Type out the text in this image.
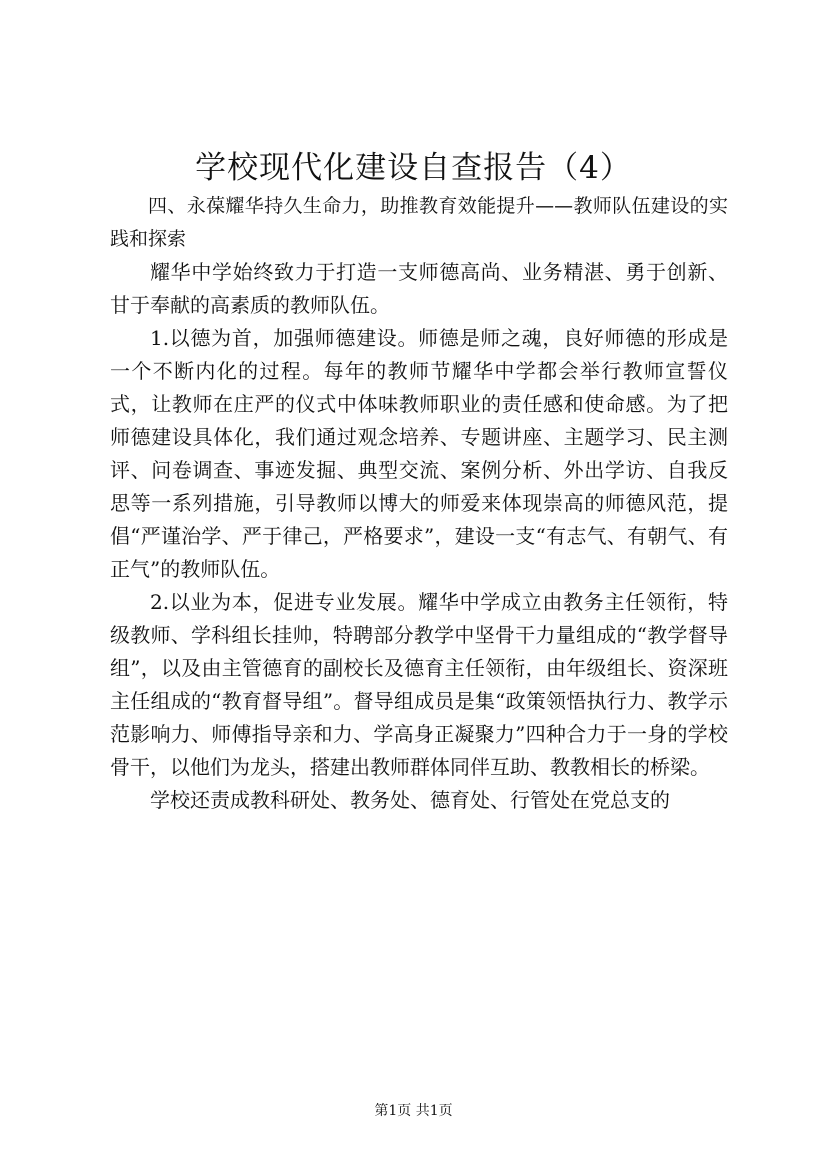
学校现代化建设自查报告（4）

四、永葆耀华持久生命力，助推教育效能提升——教师队伍建设的实践和探索

耀华中学始终致力于打造一支师德高尚、业务精湛、勇于创新、甘于奉献的高素质的教师队伍。

1.以德为首，加强师德建设。师德是师之魂，良好师德的形成是一个不断内化的过程。每年的教师节耀华中学都会举行教师宣誓仪式，让教师在庄严的仪式中体味教师职业的责任感和使命感。为了把师德建设具体化，我们通过观念培养、专题讲座、主题学习、民主测评、问卷调查、事迹发掘、典型交流、案例分析、外出学访、自我反思等一系列措施，引导教师以博大的师爱来体现崇高的师德风范，提倡“严谨治学、严于律己，严格要求”，建设一支“有志气、有朝气、有正气”的教师队伍。

2.以业为本，促进专业发展。耀华中学成立由教务主任领衔，特级教师、学科组长挂帅，特聘部分教学中坚骨干力量组成的“教学督导组”，以及由主管德育的副校长及德育主任领衔，由年级组长、资深班主任组成的“教育督导组”。督导组成员是集“政策领悟执行力、教学示范影响力、师傅指导亲和力、学高身正凝聚力”四种合力于一身的学校骨干，以他们为龙头，搭建出教师群体同伴互助、教教相长的桥梁。

学校还责成教科研处、教务处、德育处、行管处在党总支的

第1页 共1页
